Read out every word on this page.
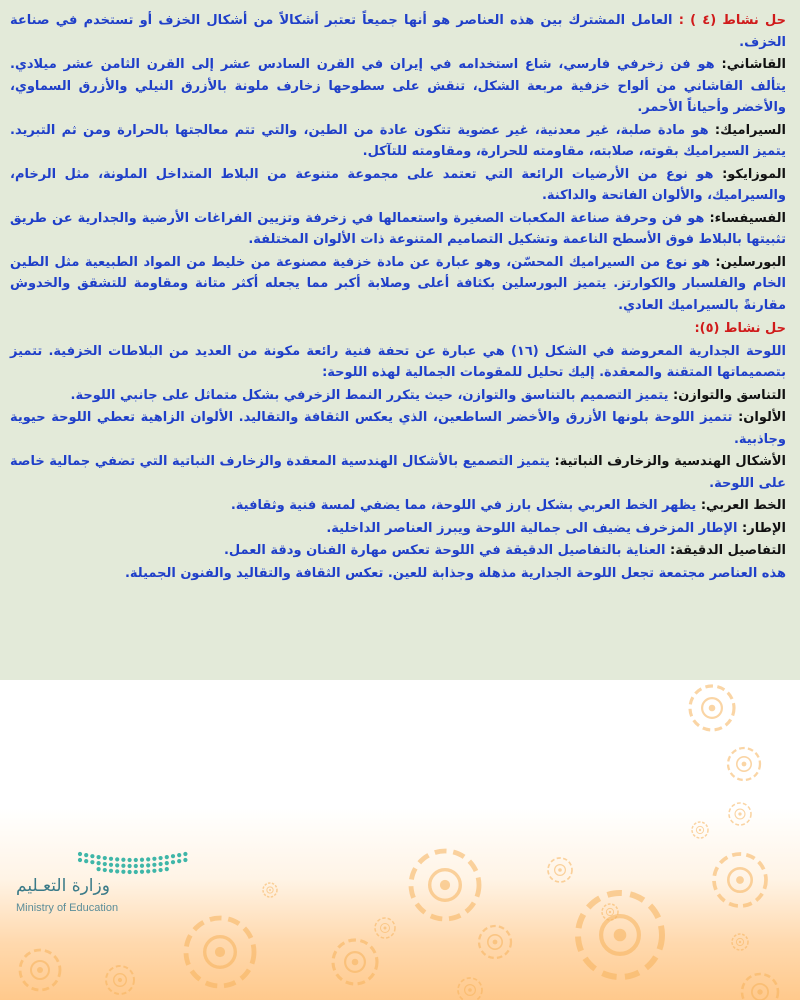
حل نشاط (٤ ) : العامل المشترك بين هذه العناصر هو أنها جميعاً تعتبر أشكالاً من أشكال الخزف أو تستخدم في صناعة الخزف.

القاشاني: هو فن زخرفي فارسي، شاع استخدامه في إيران في القرن السادس عشر إلى القرن الثامن عشر ميلادي. يتألف القاشاني من ألواح خزفية مربعة الشكل، تنقش على سطوحها زخارف ملونة بالأزرق النيلي والأزرق السماوي، والأخضر وأحياناً الأحمر.

السيراميك: هو مادة صلبة، غير معدنية، غير عضوية تتكون عادة من الطين، والتي تتم معالجتها بالحرارة ومن ثم التبريد. يتميز السيراميك بقوته، صلابته، مقاومته للحرارة، ومقاومته للتآكل.

الموزايكو: هو نوع من الأرضيات الرائعة التي تعتمد على مجموعة متنوعة من البلاط المتداخل الملونة، مثل الرخام، والسيراميك، والألوان الفاتحة والداكنة.

الفسيفساء: هو فن وحرفة صناعة المكعبات الصغيرة واستعمالها في زخرفة وتزيين الفراغات الأرضية والجدارية عن طريق تثبيتها بالبلاط فوق الأسطح الناعمة وتشكيل التصاميم المتنوعة ذات الألوان المختلفة.

البورسلين: هو نوع من السيراميك المحسّن، وهو عبارة عن مادة خزفية مصنوعة من خليط من المواد الطبيعية مثل الطين الخام والفلسبار والكوارتز. يتميز البورسلين بكثافة أعلى وصلابة أكبر مما يجعله أكثر متانة ومقاومة للتشقق والخدوش مقارنةً بالسيراميك العادي.

حل نشاط (٥):

اللوحة الجدارية المعروضة في الشكل (١٦) هي عبارة عن تحفة فنية رائعة مكونة من العديد من البلاطات الخزفية. تتميز بتصميماتها المتقنة والمعقدة. إليك تحليل للمقومات الجمالية لهذه اللوحة:

التناسق والتوازن: يتميز التصميم بالتناسق والتوازن، حيث يتكرر النمط الزخرفي بشكل متماثل على جانبي اللوحة.

الألوان: تتميز اللوحة بلونها الأزرق والأخضر الساطعين، الذي يعكس الثقافة والتقاليد. الألوان الزاهية تعطي اللوحة حيوية وجاذبية.

الأشكال الهندسية والزخارف النباتية: يتميز التصميع بالأشكال الهندسية المعقدة والزخارف النباتية التي تضفي جمالية خاصة على اللوحة.

الخط العربي: يظهر الخط العربي بشكل بارز في اللوحة، مما يضفي لمسة فنية وثقافية.

الإطار: الإطار المزخرف يضيف الى جمالية اللوحة ويبرز العناصر الداخلية.

التفاصيل الدقيقة: العناية بالتفاصيل الدقيقة في اللوحة تعكس مهارة الفنان ودقة العمل.

هذه العناصر مجتمعة تجعل اللوحة الجدارية مذهلة وجذابة للعين. تعكس الثقافة والتقاليد والفنون الجميلة.

وزارة التعـليم
Ministry of Education
